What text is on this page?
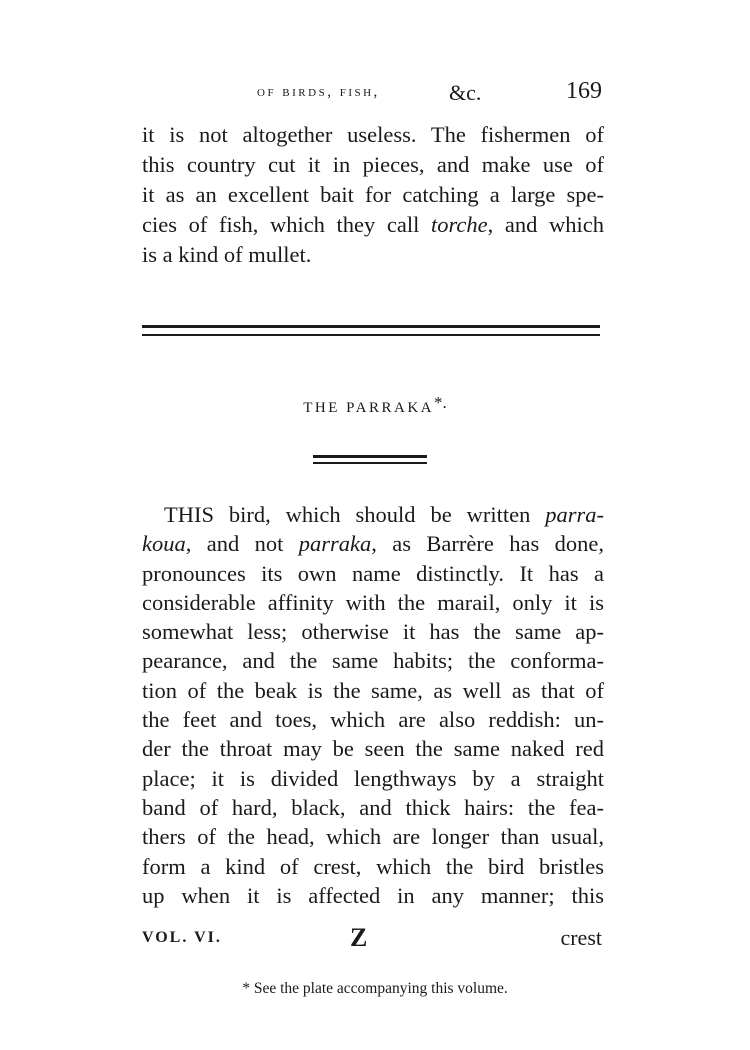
of birds, fish,	&c.	169
it is not altogether useless. The fishermen of
this country cut it in pieces, and make use of
it as an excellent bait for catching a large spe-
cies of fish, which they call torche, and which
is a kind of mullet.
THE PARRAKA*.
THIS bird, which should be written parra-
koua, and not parraka, as Barrère has done,
pronounces its own name distinctly. It has a
considerable affinity with the marail, only it is
somewhat less; otherwise it has the same ap-
pearance, and the same habits; the conforma-
tion of the beak is the same, as well as that of
the feet and toes, which are also reddish: un-
der the throat may be seen the same naked red
place; it is divided lengthways by a straight
band of hard, black, and thick hairs: the fea-
thers of the head, which are longer than usual,
form a kind of crest, which the bird bristles
up when it is affected in any manner; this
VOL. VI.	Z	crest
* See the plate accompanying this volume.
